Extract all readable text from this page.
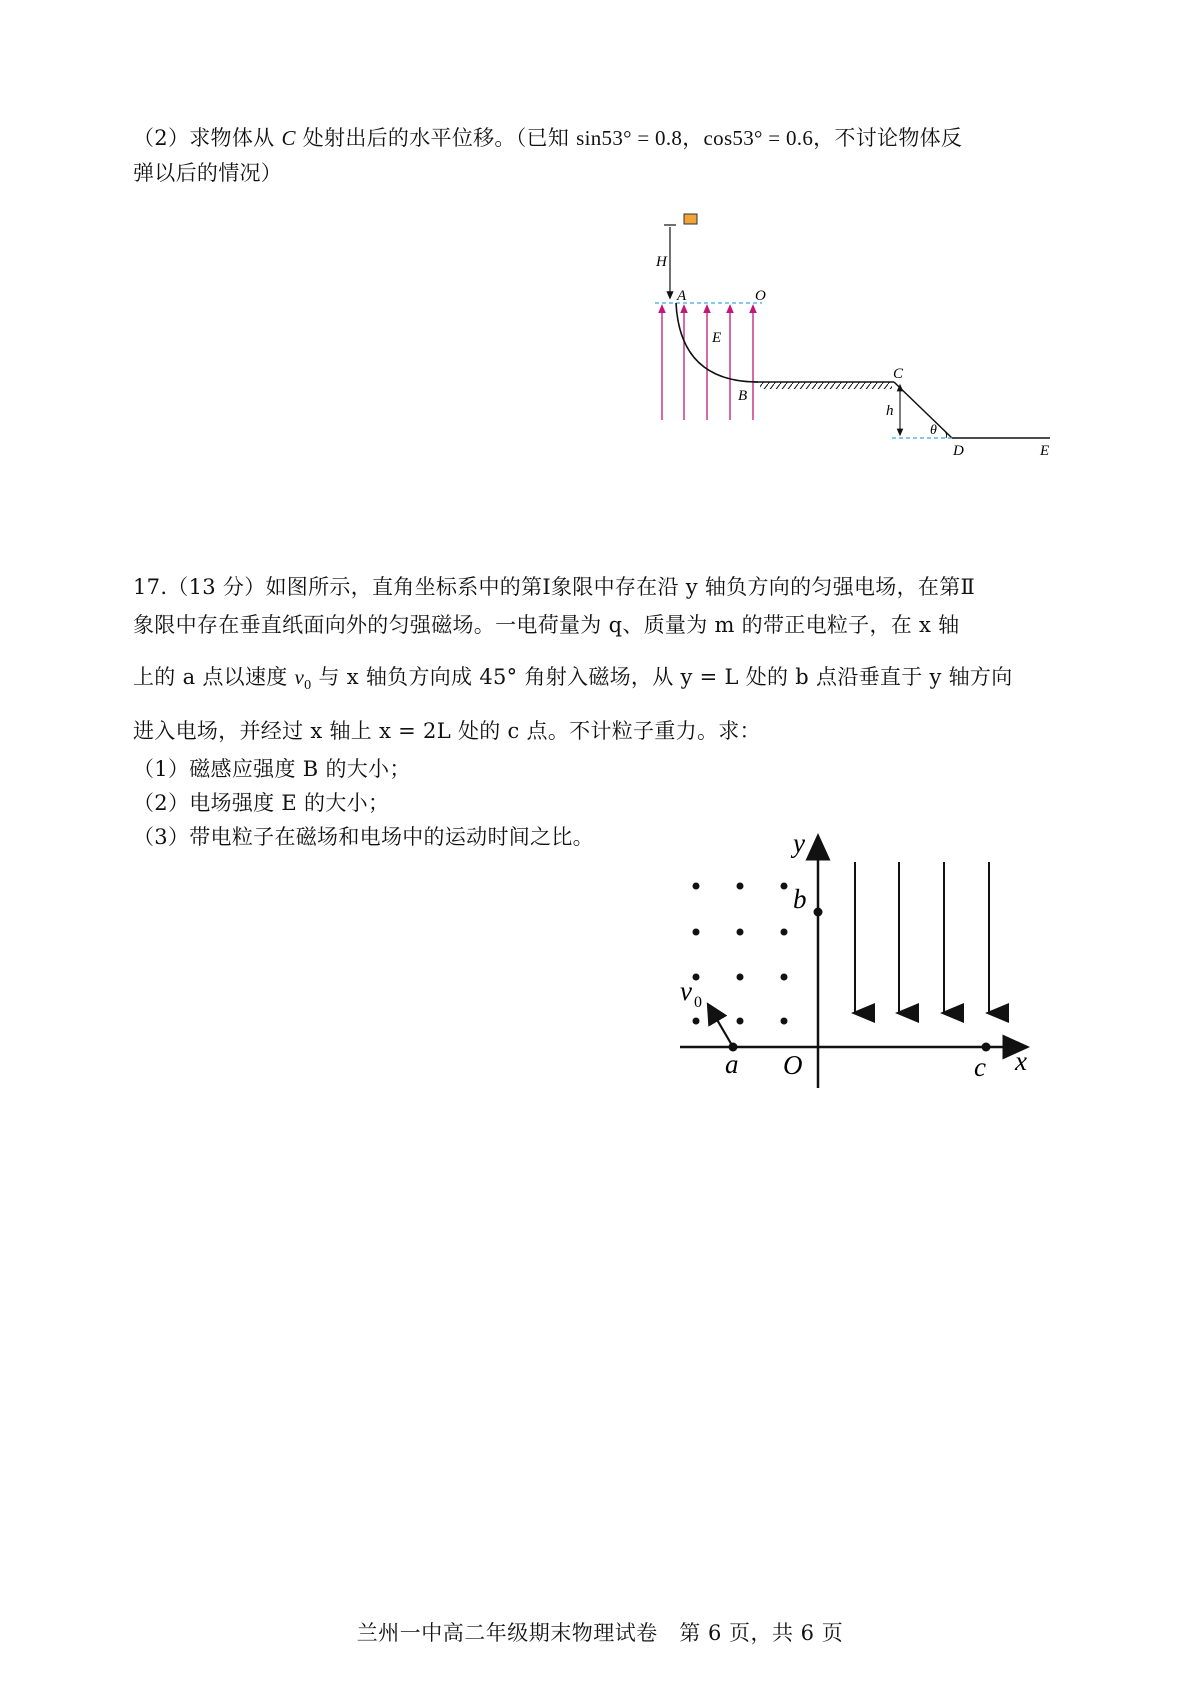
（2）求物体从 C 处射出后的水平位移。（已知 sin53° = 0.8，cos53° = 0.6，不讨论物体反
弹以后的情况）
H
A	O
E
B
C
h
θ
D	E
17.（13 分）如图所示，直角坐标系中的第Ⅰ象限中存在沿 y 轴负方向的匀强电场，在第Ⅱ
象限中存在垂直纸面向外的匀强磁场。一电荷量为 q、质量为 m 的带正电粒子，在 x 轴
上的 a 点以速度 $v_0$ 与 x 轴负方向成 45° 角射入磁场，从 y = L 处的 b 点沿垂直于 y 轴方向
进入电场，并经过 x 轴上 x = 2L 处的 c 点。不计粒子重力。求：
（1）磁感应强度 B 的大小；
（2）电场强度 E 的大小；
（3）带电粒子在磁场和电场中的运动时间之比。	y
x
O
b
a
v 0
c
兰州一中高二年级期末物理试卷　第 6 页，共 6 页
